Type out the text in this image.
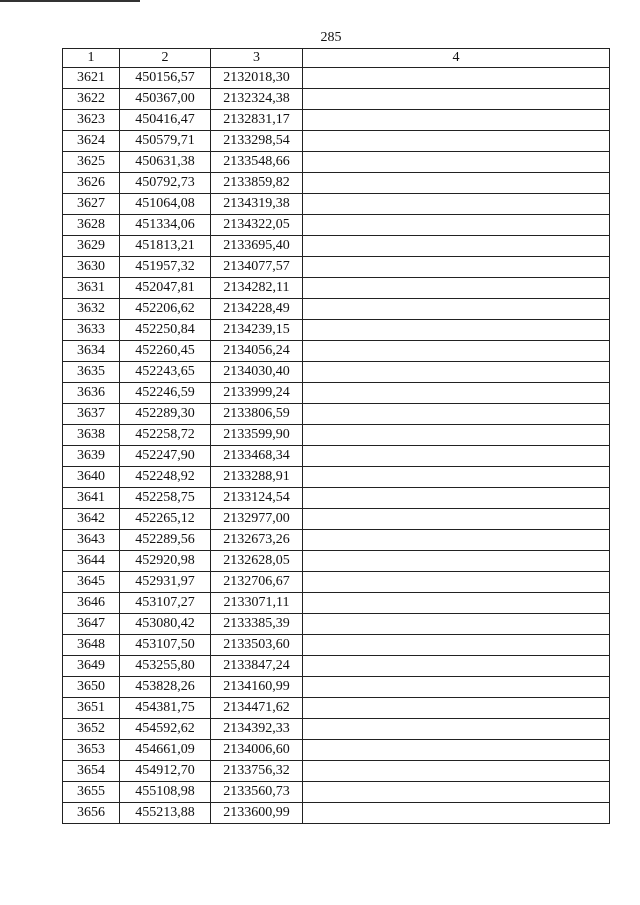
285
1	2	3	4
3621	450156,57	2132018,30	
3622	450367,00	2132324,38	
3623	450416,47	2132831,17	
3624	450579,71	2133298,54	
3625	450631,38	2133548,66	
3626	450792,73	2133859,82	
3627	451064,08	2134319,38	
3628	451334,06	2134322,05	
3629	451813,21	2133695,40	
3630	451957,32	2134077,57	
3631	452047,81	2134282,11	
3632	452206,62	2134228,49	
3633	452250,84	2134239,15	
3634	452260,45	2134056,24	
3635	452243,65	2134030,40	
3636	452246,59	2133999,24	
3637	452289,30	2133806,59	
3638	452258,72	2133599,90	
3639	452247,90	2133468,34	
3640	452248,92	2133288,91	
3641	452258,75	2133124,54	
3642	452265,12	2132977,00	
3643	452289,56	2132673,26	
3644	452920,98	2132628,05	
3645	452931,97	2132706,67	
3646	453107,27	2133071,11	
3647	453080,42	2133385,39	
3648	453107,50	2133503,60	
3649	453255,80	2133847,24	
3650	453828,26	2134160,99	
3651	454381,75	2134471,62	
3652	454592,62	2134392,33	
3653	454661,09	2134006,60	
3654	454912,70	2133756,32	
3655	455108,98	2133560,73	
3656	455213,88	2133600,99	
